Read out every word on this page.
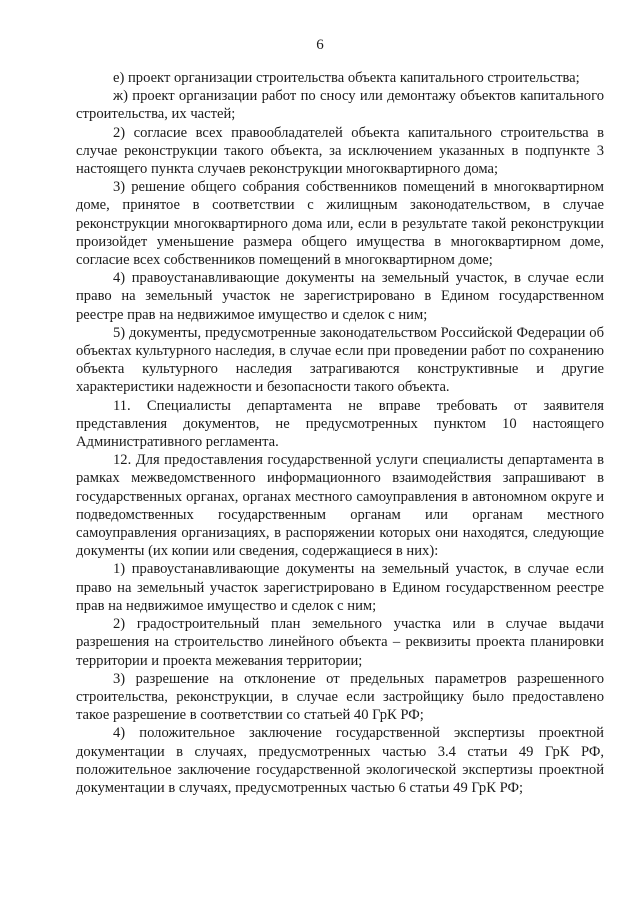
6

е) проект организации строительства объекта капитального строительства;

ж) проект организации работ по сносу или демонтажу объектов капитального строительства, их частей;

2) согласие всех правообладателей объекта капитального строительства в случае реконструкции такого объекта, за исключением указанных в подпункте 3 настоящего пункта случаев реконструкции многоквартирного дома;

3) решение общего собрания собственников помещений в многоквартирном доме, принятое в соответствии с жилищным законодательством, в случае реконструкции многоквартирного дома или, если в результате такой реконструкции произойдет уменьшение размера общего имущества в многоквартирном доме, согласие всех собственников помещений в многоквартирном доме;

4) правоустанавливающие документы на земельный участок, в случае если право на земельный участок не зарегистрировано в Едином государственном реестре прав на недвижимое имущество и сделок с ним;

5) документы, предусмотренные законодательством Российской Федерации об объектах культурного наследия, в случае если при проведении работ по сохранению объекта культурного наследия затрагиваются конструктивные и другие характеристики надежности и безопасности такого объекта.

11. Специалисты департамента не вправе требовать от заявителя представления документов, не предусмотренных пунктом 10 настоящего Административного регламента.

12. Для предоставления государственной услуги специалисты департамента в рамках межведомственного информационного взаимодействия запрашивают в государственных органах, органах местного самоуправления в автономном округе и подведомственных государственным органам или органам местного самоуправления организациях, в распоряжении которых они находятся, следующие документы (их копии или сведения, содержащиеся в них):

1) правоустанавливающие документы на земельный участок, в случае если право на земельный участок зарегистрировано в Едином государственном реестре прав на недвижимое имущество и сделок с ним;

2) градостроительный план земельного участка или в случае выдачи разрешения на строительство линейного объекта – реквизиты проекта планировки территории и проекта межевания территории;

3) разрешение на отклонение от предельных параметров разрешенного строительства, реконструкции, в случае если застройщику было предоставлено такое разрешение в соответствии со статьей 40 ГрК РФ;

4) положительное заключение государственной экспертизы проектной документации в случаях, предусмотренных частью 3.4 статьи 49 ГрК РФ, положительное заключение государственной экологической экспертизы проектной документации в случаях, предусмотренных частью 6 статьи 49 ГрК РФ;
